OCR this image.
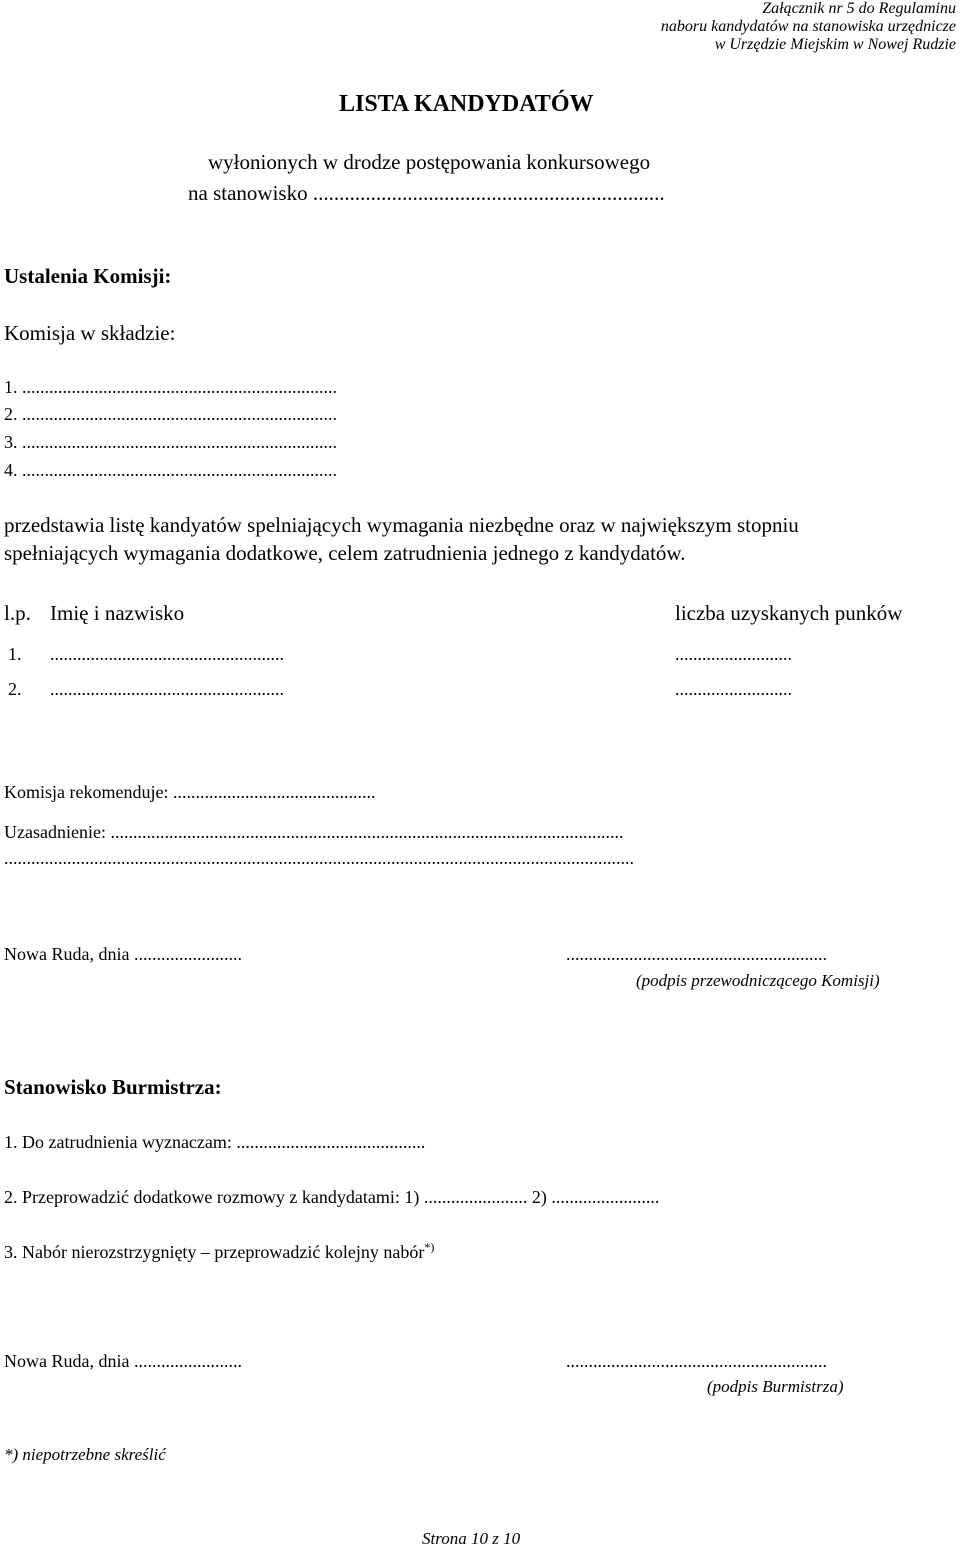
Załącznik nr 5 do Regulaminu
naboru kandydatów na stanowiska urzędnicze
w Urzędzie Miejskim w Nowej Rudzie
LISTA KANDYDATÓW
wyłonionych w drodze postępowania konkursowego
na stanowisko ...................................................................
Ustalenia Komisji:
Komisja w składzie:
1. ......................................................................
2. ......................................................................
3. ......................................................................
4. ......................................................................
przedstawia listę kandyatów spelniających wymagania niezbędne oraz w największym stopniu
spełniających wymagania dodatkowe, celem zatrudnienia jednego z kandydatów.
l.p. Imię i nazwisko	liczba uzyskanych punków
1. ....................................................	..........................
2. ....................................................	..........................
Komisja rekomenduje: .............................................
Uzasadnienie: ..................................................................................................................
............................................................................................................................................
Nowa Ruda, dnia ........................	..........................................................
(podpis przewodniczącego Komisji)
Stanowisko Burmistrza:
1. Do zatrudnienia wyznaczam: ..........................................
2. Przeprowadzić dodatkowe rozmowy z kandydatami: 1) ....................... 2) ........................
3. Nabór nierozstrzygnięty – przeprowadzić kolejny nabór*)
Nowa Ruda, dnia ........................	..........................................................
(podpis Burmistrza)
*) niepotrzebne skreślić
Strona 10 z 10
